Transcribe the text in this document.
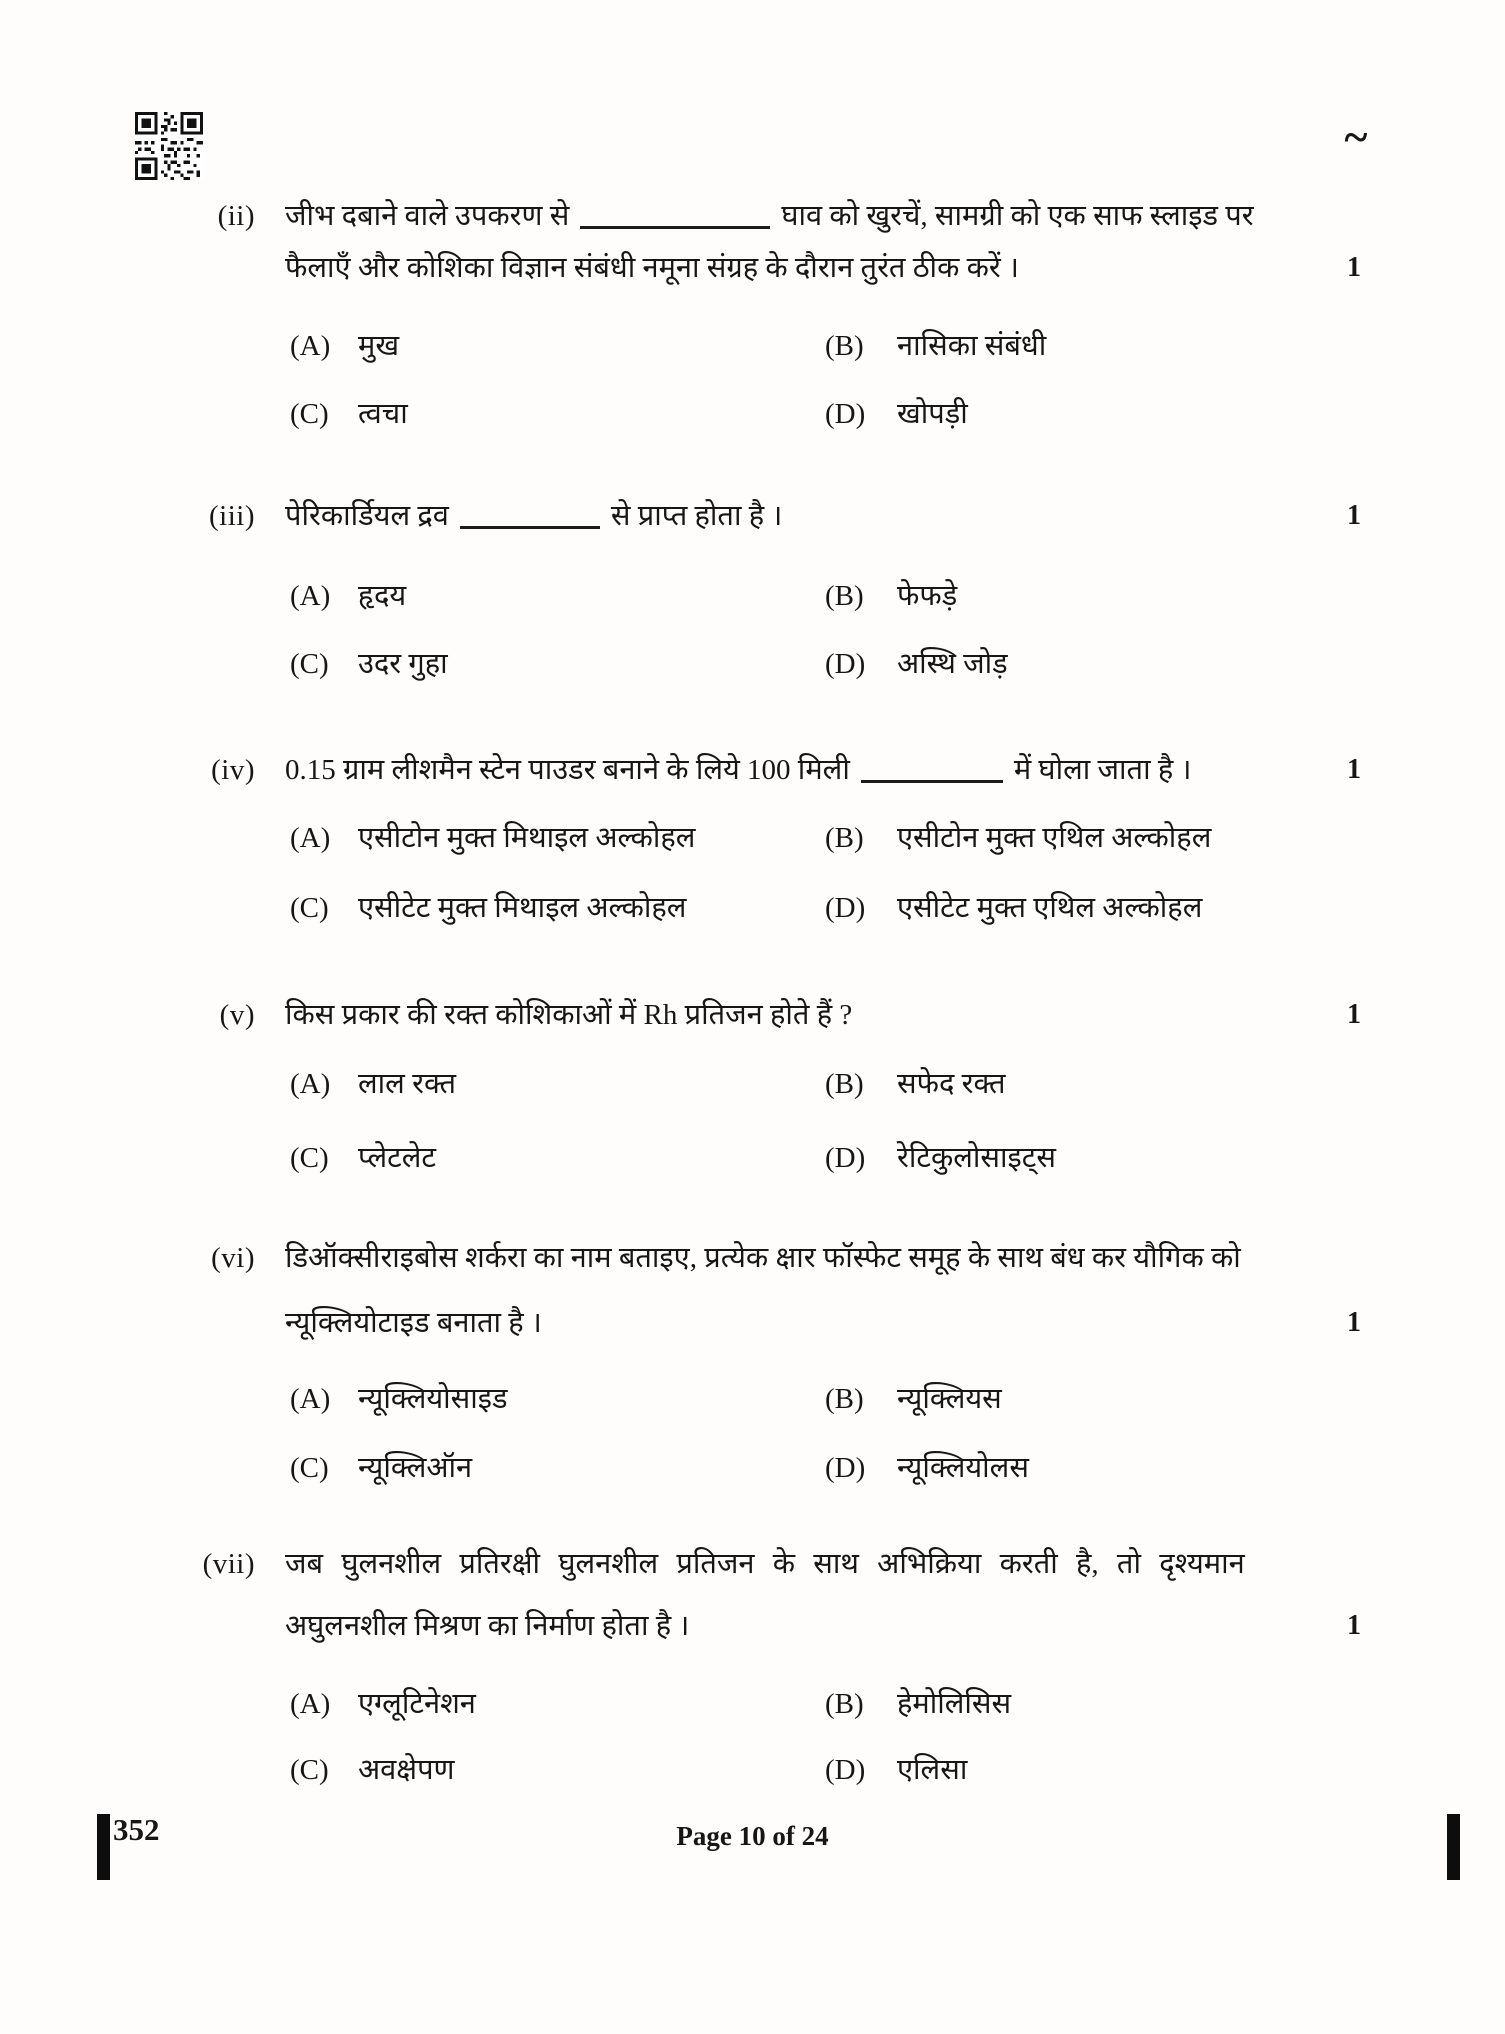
~
(ii) जीभ दबाने वाले उपकरण से	घाव को खुरचें, सामग्री को एक साफ स्लाइड पर
फैलाएँ और कोशिका विज्ञान संबंधी नमूना संग्रह के दौरान तुरंत ठीक करें ।	1
(A) मुख	(B) नासिका संबंधी
(C) त्वचा	(D) खोपड़ी
(iii) पेरिकार्डियल द्रव	से प्राप्त होता है ।	1
(A) हृदय	(B) फेफड़े
(C) उदर गुहा	(D) अस्थि जोड़
(iv) 0.15 ग्राम लीशमैन स्टेन पाउडर बनाने के लिये 100 मिली	में घोला जाता है ।	1
(A) एसीटोन मुक्त मिथाइल अल्कोहल	(B) एसीटोन मुक्त एथिल अल्कोहल
(C) एसीटेट मुक्त मिथाइल अल्कोहल	(D) एसीटेट मुक्त एथिल अल्कोहल
(v) किस प्रकार की रक्त कोशिकाओं में Rh प्रतिजन होते हैं ?	1
(A) लाल रक्त	(B) सफेद रक्त
(C) प्लेटलेट	(D) रेटिकुलोसाइट्स
(vi) डिऑक्सीराइबोस शर्करा का नाम बताइए, प्रत्येक क्षार फॉस्फेट समूह के साथ बंध कर यौगिक को
न्यूक्लियोटाइड बनाता है ।	1
(A) न्यूक्लियोसाइड	(B) न्यूक्लियस
(C) न्यूक्लिऑन	(D) न्यूक्लियोलस
(vii) जब घुलनशील प्रतिरक्षी घुलनशील प्रतिजन के साथ अभिक्रिया करती है, तो दृश्यमान
अघुलनशील मिश्रण का निर्माण होता है ।	1
(A) एग्लूटिनेशन	(B) हेमोलिसिस
(C) अवक्षेपण	(D) एलिसा
352	Page 10 of 24
